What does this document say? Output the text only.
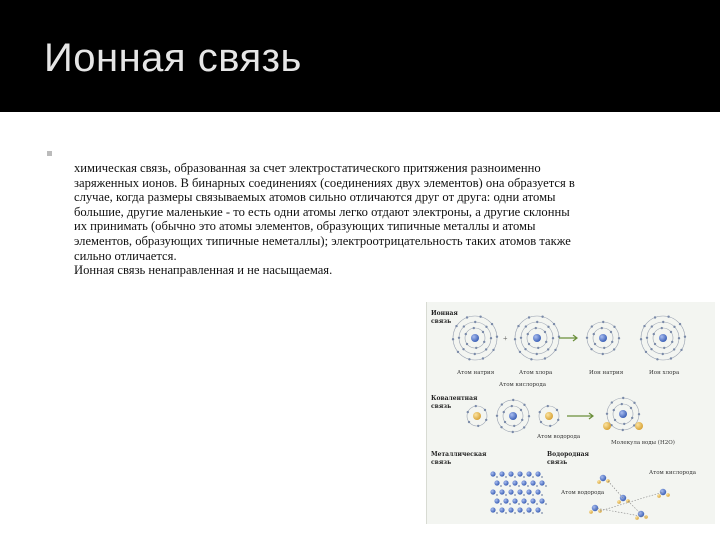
Ионная связь

химическая связь, образованная за счет электростатического притяжения разноименно

заряженных ионов. В бинарных соединениях (соединениях двух элементов) она образуется в

случае, когда размеры связываемых атомов сильно отличаются друг от друга: одни атомы

большие, другие маленькие - то есть одни атомы легко отдают электроны, а другие склонны

их принимать (обычно это атомы элементов, образующих типичные металлы и атомы

элементов, образующих типичные неметаллы); электроотрицательность таких атомов также

сильно отличается.

Ионная связь ненаправленная и не насыщаемая.

Ионная
связь
+
Атом натрия	Атом хлора	Ион натрия	Ион хлора
Атом кислорода
Ковалентная
связь
Атом водорода
Молекула воды (H2O)
Металлическая
связь
Водородная
связь
Атом кислорода
Атом водорода
